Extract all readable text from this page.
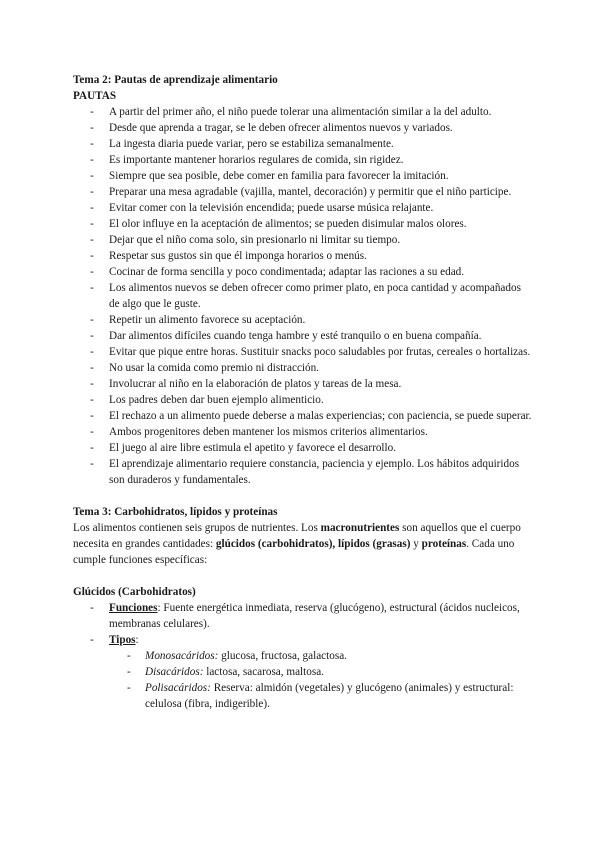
Tema 2: Pautas de aprendizaje alimentario
PAUTAS
- A partir del primer año, el niño puede tolerar una alimentación similar a la del adulto.
- Desde que aprenda a tragar, se le deben ofrecer alimentos nuevos y variados.
- La ingesta diaria puede variar, pero se estabiliza semanalmente.
- Es importante mantener horarios regulares de comida, sin rigidez.
- Siempre que sea posible, debe comer en familia para favorecer la imitación.
- Preparar una mesa agradable (vajilla, mantel, decoración) y permitir que el niño participe.
- Evitar comer con la televisión encendida; puede usarse música relajante.
- El olor influye en la aceptación de alimentos; se pueden disimular malos olores.
- Dejar que el niño coma solo, sin presionarlo ni limitar su tiempo.
- Respetar sus gustos sin que él imponga horarios o menús.
- Cocinar de forma sencilla y poco condimentada; adaptar las raciones a su edad.
- Los alimentos nuevos se deben ofrecer como primer plato, en poca cantidad y acompañados de algo que le guste.
- Repetir un alimento favorece su aceptación.
- Dar alimentos difíciles cuando tenga hambre y esté tranquilo o en buena compañía.
- Evitar que pique entre horas. Sustituir snacks poco saludables por frutas, cereales o hortalizas.
- No usar la comida como premio ni distracción.
- Involucrar al niño en la elaboración de platos y tareas de la mesa.
- Los padres deben dar buen ejemplo alimenticio.
- El rechazo a un alimento puede deberse a malas experiencias; con paciencia, se puede superar.
- Ambos progenitores deben mantener los mismos criterios alimentarios.
- El juego al aire libre estimula el apetito y favorece el desarrollo.
- El aprendizaje alimentario requiere constancia, paciencia y ejemplo. Los hábitos adquiridos son duraderos y fundamentales.
Tema 3: Carbohidratos, lípidos y proteínas

Los alimentos contienen seis grupos de nutrientes. Los macronutrientes son aquellos que el cuerpo necesita en grandes cantidades: glúcidos (carbohidratos), lípidos (grasas) y proteínas. Cada uno cumple funciones específicas:

Glúcidos (Carbohidratos)
- Funciones: Fuente energética inmediata, reserva (glucógeno), estructural (ácidos nucleicos, membranas celulares).
- Tipos:
- Monosacáridos: glucosa, fructosa, galactosa.
- Disacáridos: lactosa, sacarosa, maltosa.
- Polisacáridos: Reserva: almidón (vegetales) y glucógeno (animales) y estructural: celulosa (fibra, indigerible).
